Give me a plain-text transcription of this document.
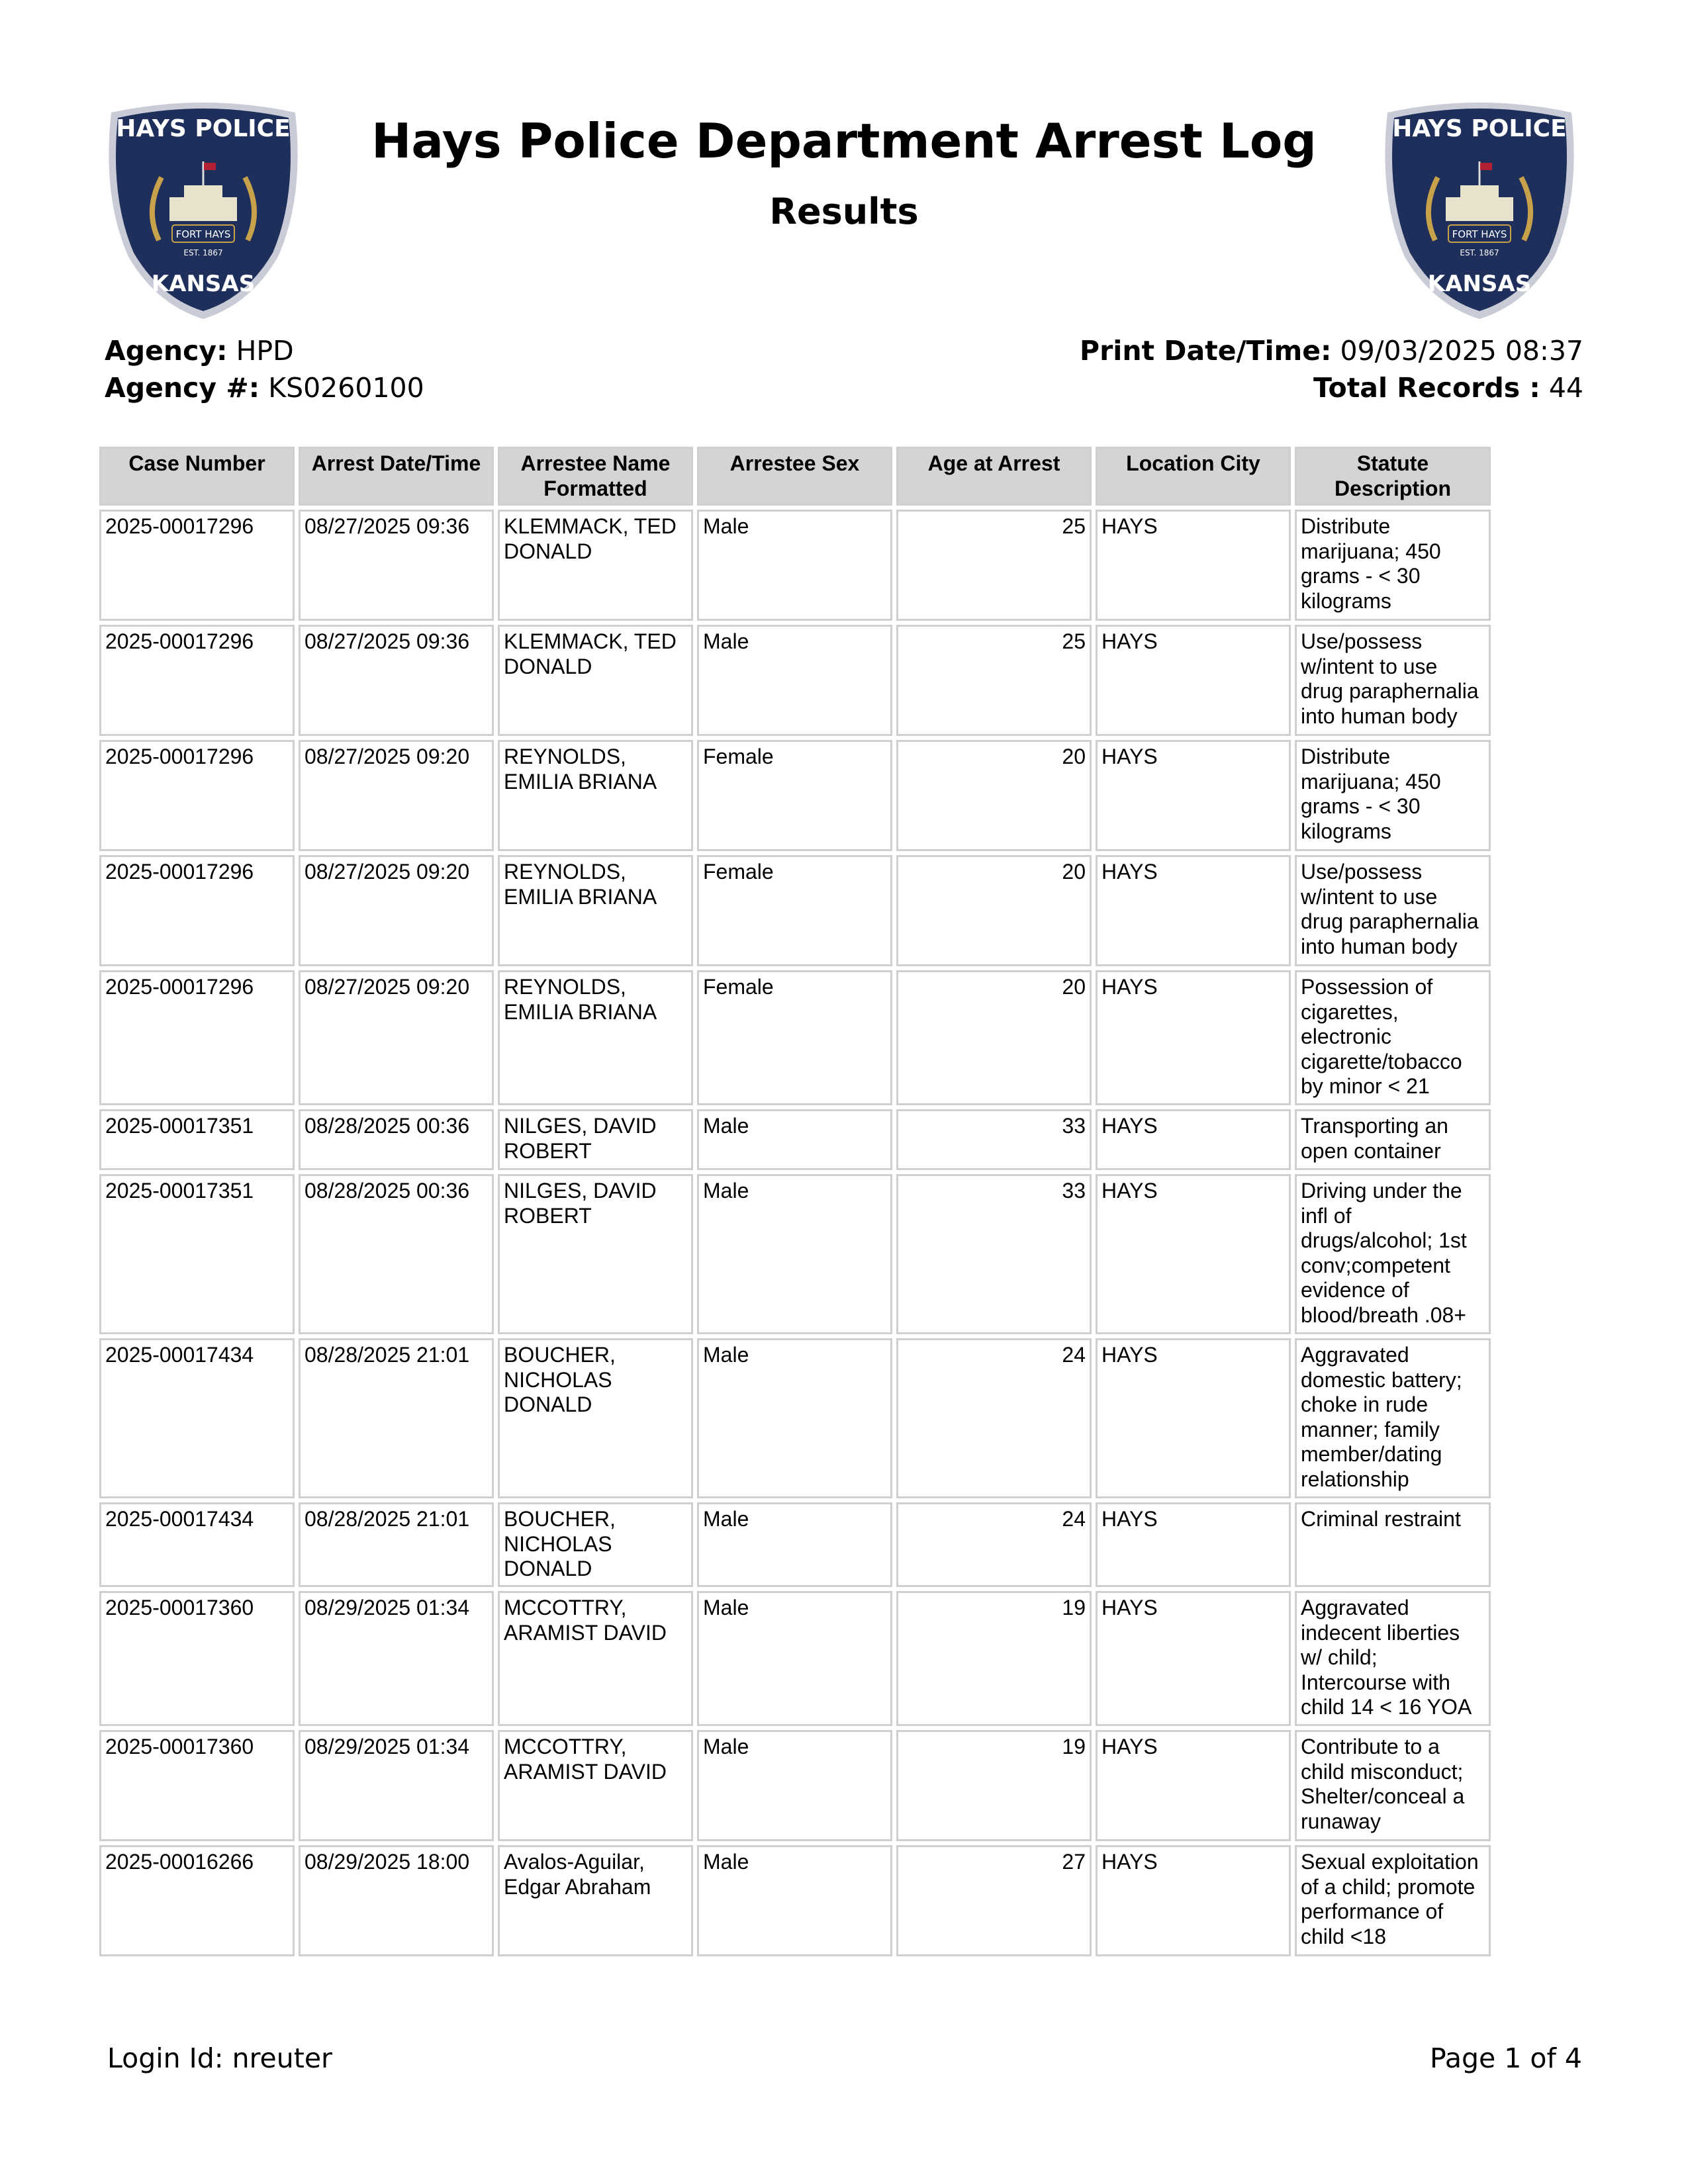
HAYS POLICE
FORT HAYS
EST. 1867
KANSAS
HAYS POLICE
FORT HAYS
EST. 1867
KANSAS
Hays Police Department Arrest Log
Results
Agency: HPD
Agency #: KS0260100
Print Date/Time: 09/03/2025 08:37
Total Records : 44
Case Number	Arrest Date/Time	Arrestee Name Formatted	Arrestee Sex	Age at Arrest	Location City	Statute Description
2025-00017296	08/27/2025 09:36	KLEMMACK, TED DONALD	Male	25	HAYS	Distribute marijuana; 450 grams - < 30 kilograms
2025-00017296	08/27/2025 09:36	KLEMMACK, TED DONALD	Male	25	HAYS	Use/possess w/intent to use drug paraphernalia into human body
2025-00017296	08/27/2025 09:20	REYNOLDS, EMILIA BRIANA	Female	20	HAYS	Distribute marijuana; 450 grams - < 30 kilograms
2025-00017296	08/27/2025 09:20	REYNOLDS, EMILIA BRIANA	Female	20	HAYS	Use/possess w/intent to use drug paraphernalia into human body
2025-00017296	08/27/2025 09:20	REYNOLDS, EMILIA BRIANA	Female	20	HAYS	Possession of cigarettes, electronic cigarette/tobacco by minor < 21
2025-00017351	08/28/2025 00:36	NILGES, DAVID ROBERT	Male	33	HAYS	Transporting an open container
2025-00017351	08/28/2025 00:36	NILGES, DAVID ROBERT	Male	33	HAYS	Driving under the infl of drugs/alcohol; 1st conv;competent evidence of blood/breath .08+
2025-00017434	08/28/2025 21:01	BOUCHER, NICHOLAS DONALD	Male	24	HAYS	Aggravated domestic battery; choke in rude manner; family member/dating relationship
2025-00017434	08/28/2025 21:01	BOUCHER, NICHOLAS DONALD	Male	24	HAYS	Criminal restraint
2025-00017360	08/29/2025 01:34	MCCOTTRY, ARAMIST DAVID	Male	19	HAYS	Aggravated indecent liberties w/ child; Intercourse with child 14 < 16 YOA
2025-00017360	08/29/2025 01:34	MCCOTTRY, ARAMIST DAVID	Male	19	HAYS	Contribute to a child misconduct; Shelter/conceal a runaway
2025-00016266	08/29/2025 18:00	Avalos-Aguilar, Edgar Abraham	Male	27	HAYS	Sexual exploitation of a child; promote performance of child <18
Login Id: nreuter	Page 1 of 4
